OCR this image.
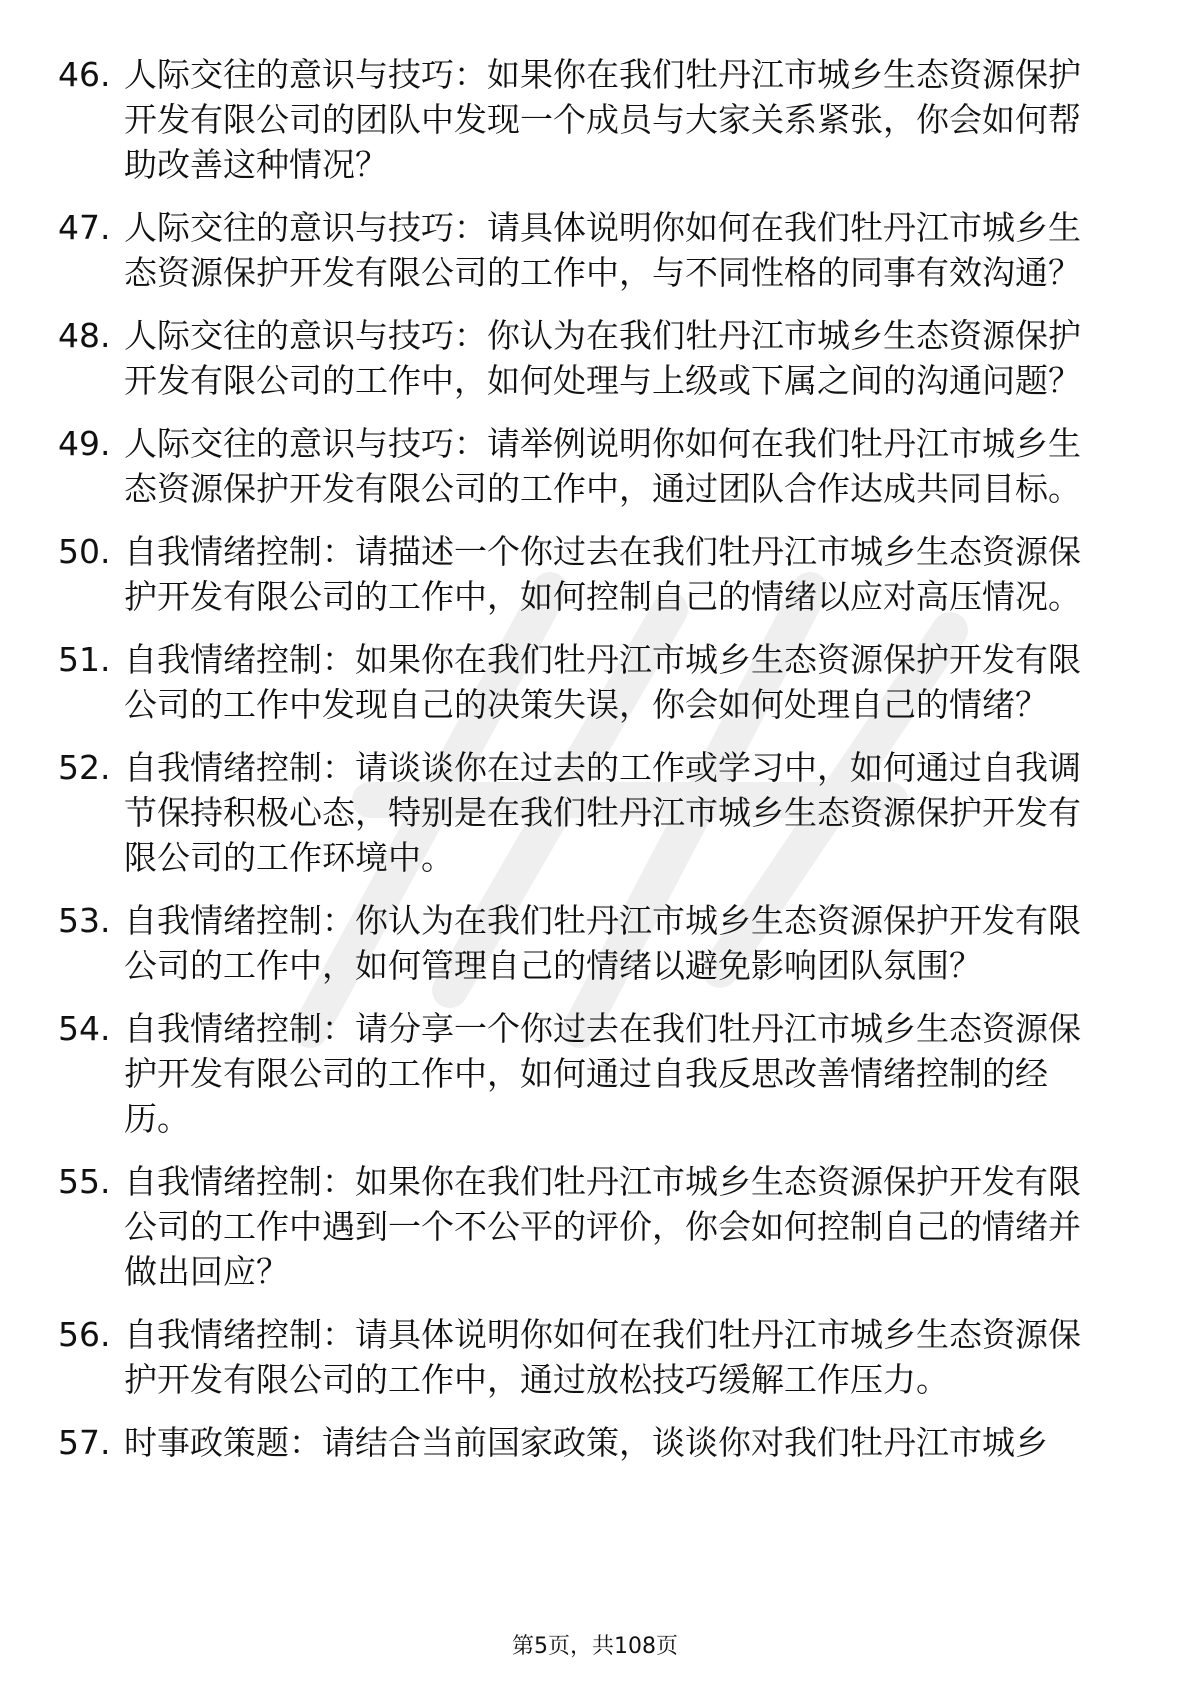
46. 人际交往的意识与技巧：如果你在我们牡丹江市城乡生态资源保护开发有限公司的团队中发现一个成员与大家关系紧张，你会如何帮助改善这种情况？
47. 人际交往的意识与技巧：请具体说明你如何在我们牡丹江市城乡生态资源保护开发有限公司的工作中，与不同性格的同事有效沟通？
48. 人际交往的意识与技巧：你认为在我们牡丹江市城乡生态资源保护开发有限公司的工作中，如何处理与上级或下属之间的沟通问题？
49. 人际交往的意识与技巧：请举例说明你如何在我们牡丹江市城乡生态资源保护开发有限公司的工作中，通过团队合作达成共同目标。
50. 自我情绪控制：请描述一个你过去在我们牡丹江市城乡生态资源保护开发有限公司的工作中，如何控制自己的情绪以应对高压情况。
51. 自我情绪控制：如果你在我们牡丹江市城乡生态资源保护开发有限公司的工作中发现自己的决策失误，你会如何处理自己的情绪？
52. 自我情绪控制：请谈谈你在过去的工作或学习中，如何通过自我调节保持积极心态，特别是在我们牡丹江市城乡生态资源保护开发有限公司的工作环境中。
53. 自我情绪控制：你认为在我们牡丹江市城乡生态资源保护开发有限公司的工作中，如何管理自己的情绪以避免影响团队氛围？
54. 自我情绪控制：请分享一个你过去在我们牡丹江市城乡生态资源保护开发有限公司的工作中，如何通过自我反思改善情绪控制的经历。
55. 自我情绪控制：如果你在我们牡丹江市城乡生态资源保护开发有限公司的工作中遇到一个不公平的评价，你会如何控制自己的情绪并做出回应？
56. 自我情绪控制：请具体说明你如何在我们牡丹江市城乡生态资源保护开发有限公司的工作中，通过放松技巧缓解工作压力。
57. 时事政策题：请结合当前国家政策，谈谈你对我们牡丹江市城乡
第5页，共108页
